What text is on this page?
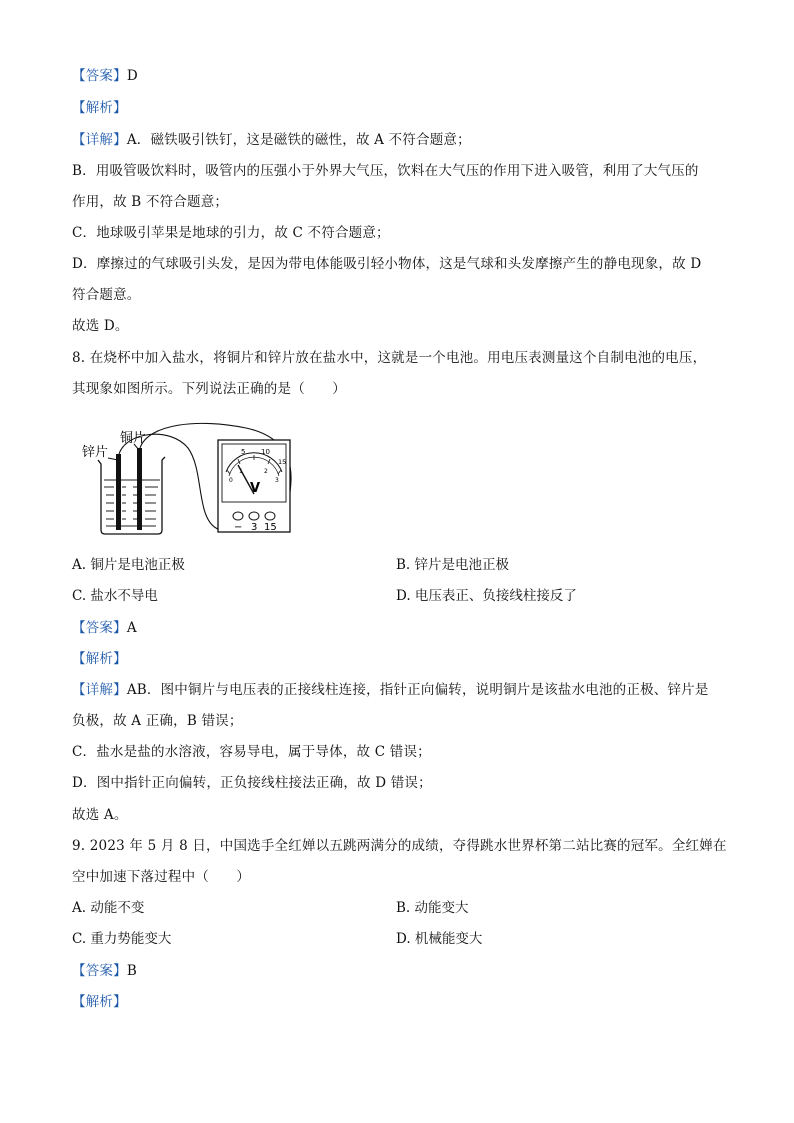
【答案】D
【解析】
【详解】A．磁铁吸引铁钉，这是磁铁的磁性，故 A 不符合题意；
B．用吸管吸饮料时，吸管内的压强小于外界大气压，饮料在大气压的作用下进入吸管，利用了大气压的
作用，故 B 不符合题意；
C．地球吸引苹果是地球的引力，故 C 不符合题意；
D．摩擦过的气球吸引头发，是因为带电体能吸引轻小物体，这是气球和头发摩擦产生的静电现象，故 D
符合题意。
故选 D。
8. 在烧杯中加入盐水，将铜片和锌片放在盐水中，这就是一个电池。用电压表测量这个自制电池的电压，
其现象如图所示。下列说法正确的是（　　）
锌片
铜片
V
5 10
15
0
1	2
3
− 3 15
A. 铜片是电池正极	B. 锌片是电池正极
C. 盐水不导电	D. 电压表正、负接线柱接反了
【答案】A
【解析】
【详解】AB．图中铜片与电压表的正接线柱连接，指针正向偏转，说明铜片是该盐水电池的正极、锌片是
负极，故 A 正确，B 错误；
C．盐水是盐的水溶液，容易导电，属于导体，故 C 错误；
D．图中指针正向偏转，正负接线柱接法正确，故 D 错误；
故选 A。
9. 2023 年 5 月 8 日，中国选手全红婵以五跳两满分的成绩，夺得跳水世界杯第二站比赛的冠军。全红婵在
空中加速下落过程中（　　）
A. 动能不变	B. 动能变大
C. 重力势能变大	D. 机械能变大
【答案】B
【解析】
